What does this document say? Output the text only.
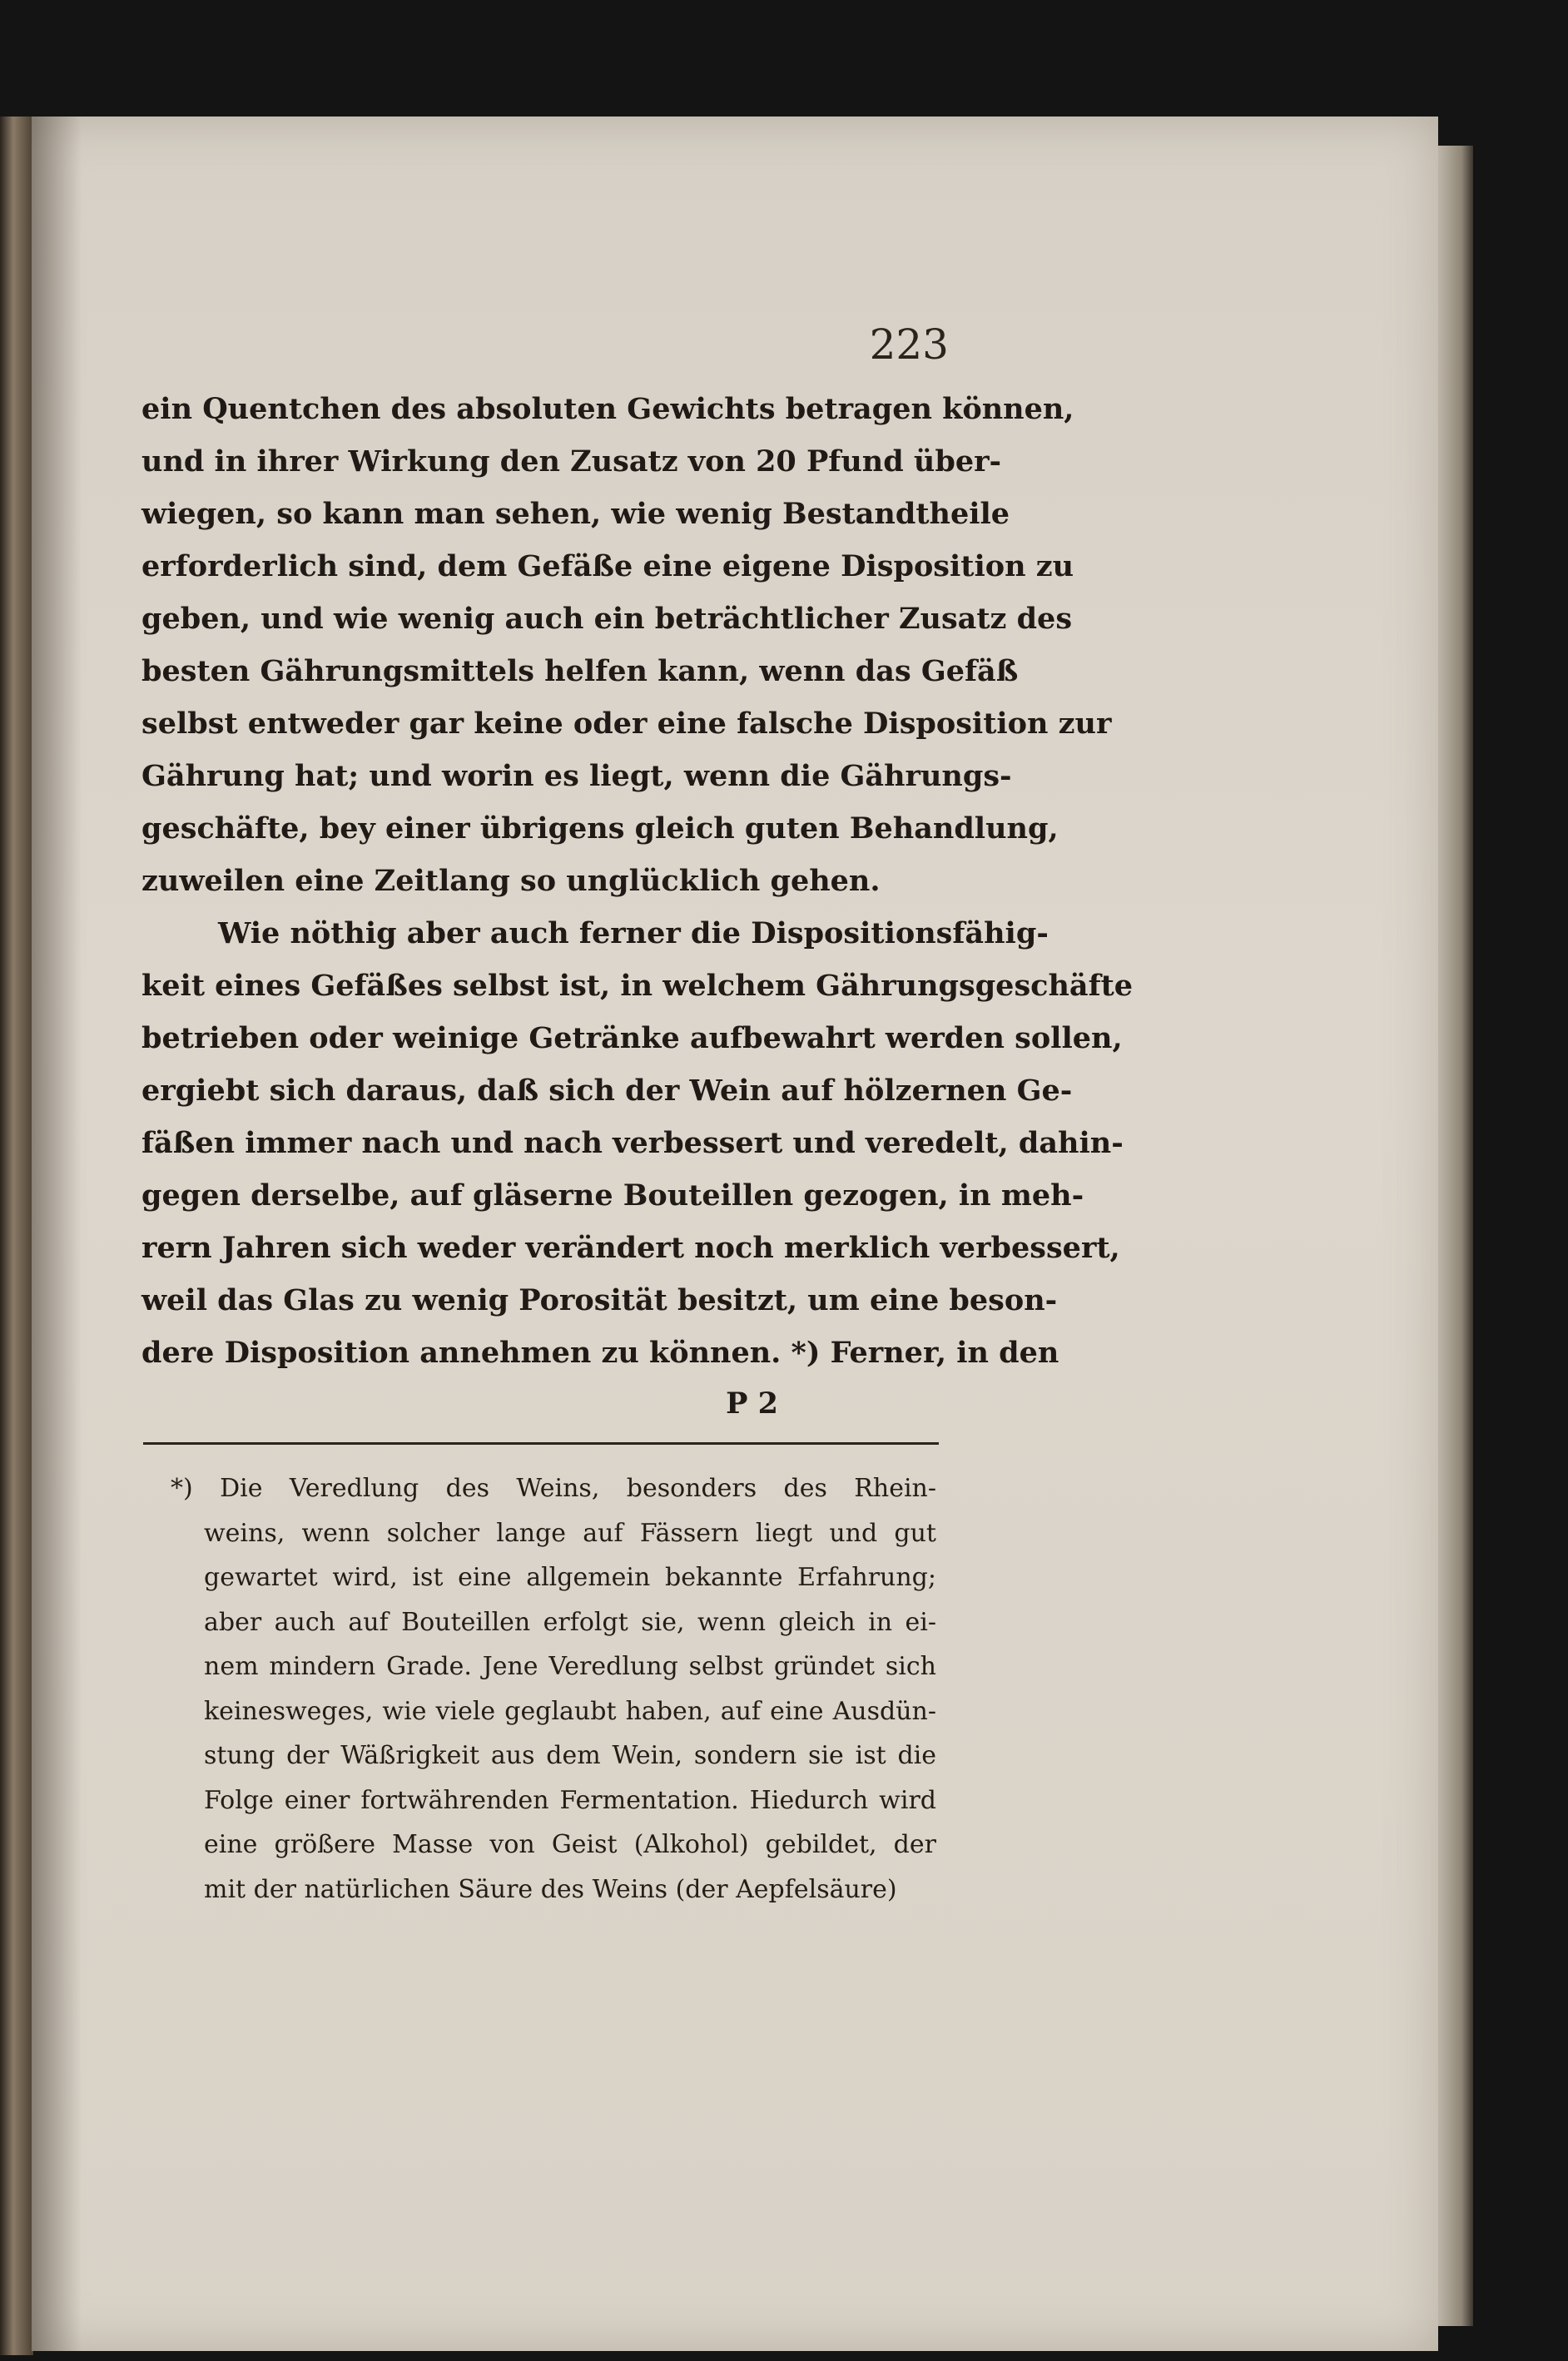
223
ein Quentchen des absoluten Gewichts betragen können,
und in ihrer Wirkung den Zusatz von 20 Pfund über-
wiegen, so kann man sehen, wie wenig Bestandtheile
erforderlich sind, dem Gefäße eine eigene Disposition zu
geben, und wie wenig auch ein beträchtlicher Zusatz des
besten Gährungsmittels helfen kann, wenn das Gefäß
selbst entweder gar keine oder eine falsche Disposition zur
Gährung hat; und worin es liegt, wenn die Gährungs-
geschäfte, bey einer übrigens gleich guten Behandlung,
zuweilen eine Zeitlang so unglücklich gehen.
Wie nöthig aber auch ferner die Dispositionsfähig-
keit eines Gefäßes selbst ist, in welchem Gährungsgeschäfte
betrieben oder weinige Getränke aufbewahrt werden sollen,
ergiebt sich daraus, daß sich der Wein auf hölzernen Ge-
fäßen immer nach und nach verbessert und veredelt, dahin-
gegen derselbe, auf gläserne Bouteillen gezogen, in meh-
rern Jahren sich weder verändert noch merklich verbessert,
weil das Glas zu wenig Porosität besitzt, um eine beson-
dere Disposition annehmen zu können. *) Ferner, in den
P 2
*) Die Veredlung des Weins, besonders des Rhein-
weins, wenn solcher lange auf Fässern liegt und gut
gewartet wird, ist eine allgemein bekannte Erfahrung;
aber auch auf Bouteillen erfolgt sie, wenn gleich in ei-
nem mindern Grade. Jene Veredlung selbst gründet sich
keinesweges, wie viele geglaubt haben, auf eine Ausdün-
stung der Wäßrigkeit aus dem Wein, sondern sie ist die
Folge einer fortwährenden Fermentation. Hiedurch wird
eine größere Masse von Geist (Alkohol) gebildet, der
mit der natürlichen Säure des Weins (der Aepfelsäure)
